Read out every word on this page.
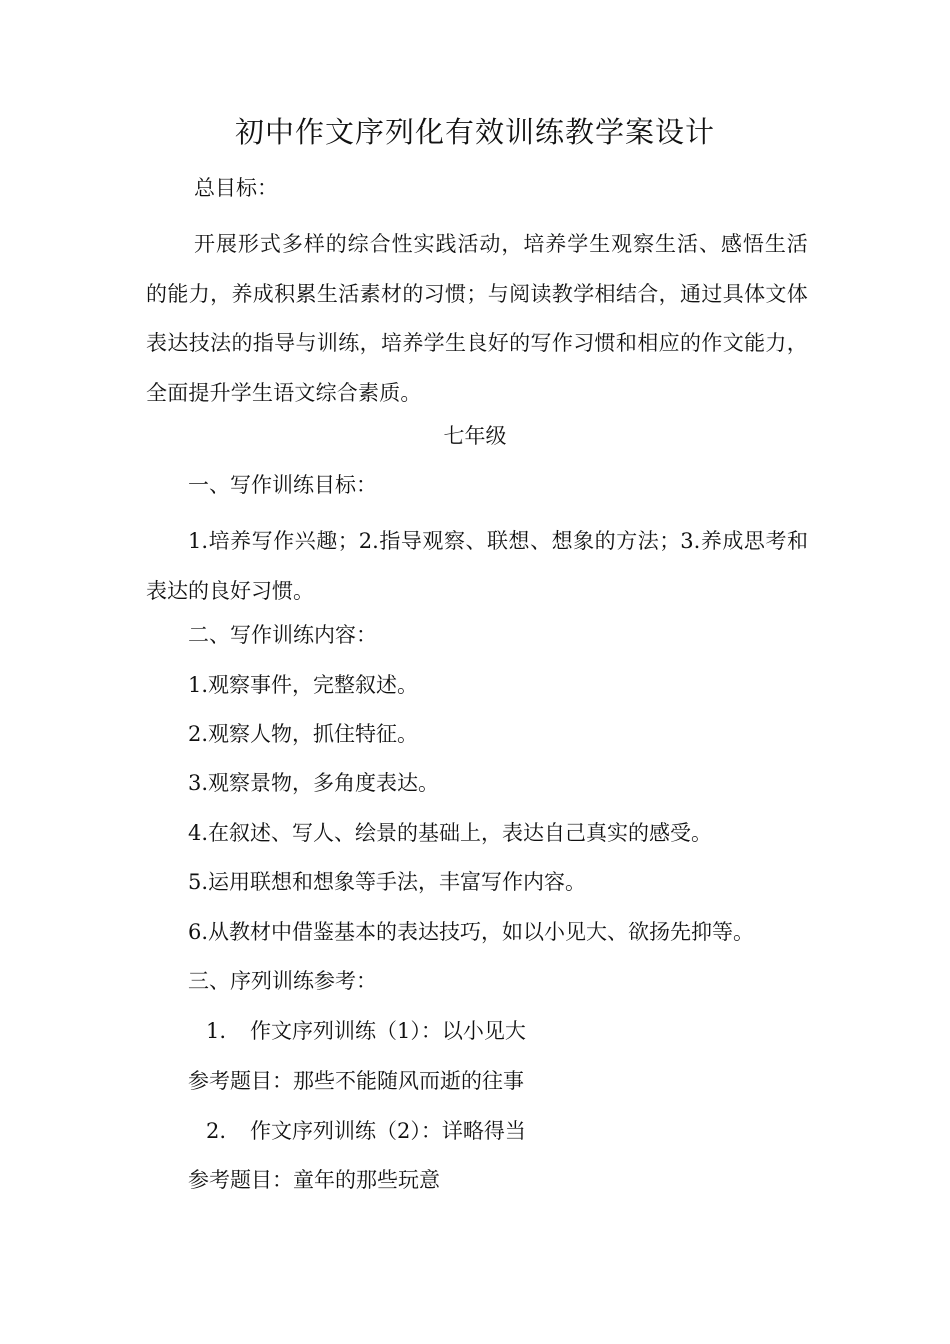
初中作文序列化有效训练教学案设计
总目标：
开展形式多样的综合性实践活动，培养学生观察生活、感悟生活的能力，养成积累生活素材的习惯；与阅读教学相结合，通过具体文体表达技法的指导与训练，培养学生良好的写作习惯和相应的作文能力，全面提升学生语文综合素质。
七年级
一、写作训练目标：
1.培养写作兴趣；2.指导观察、联想、想象的方法；3.养成思考和表达的良好习惯。
二、写作训练内容：
1.观察事件，完整叙述。
2.观察人物，抓住特征。
3.观察景物，多角度表达。
4.在叙述、写人、绘景的基础上，表达自己真实的感受。
5.运用联想和想象等手法，丰富写作内容。
6.从教材中借鉴基本的表达技巧，如以小见大、欲扬先抑等。
三、序列训练参考：
1. 作文序列训练（1）：以小见大
参考题目：那些不能随风而逝的往事
2. 作文序列训练（2）：详略得当
参考题目：童年的那些玩意
